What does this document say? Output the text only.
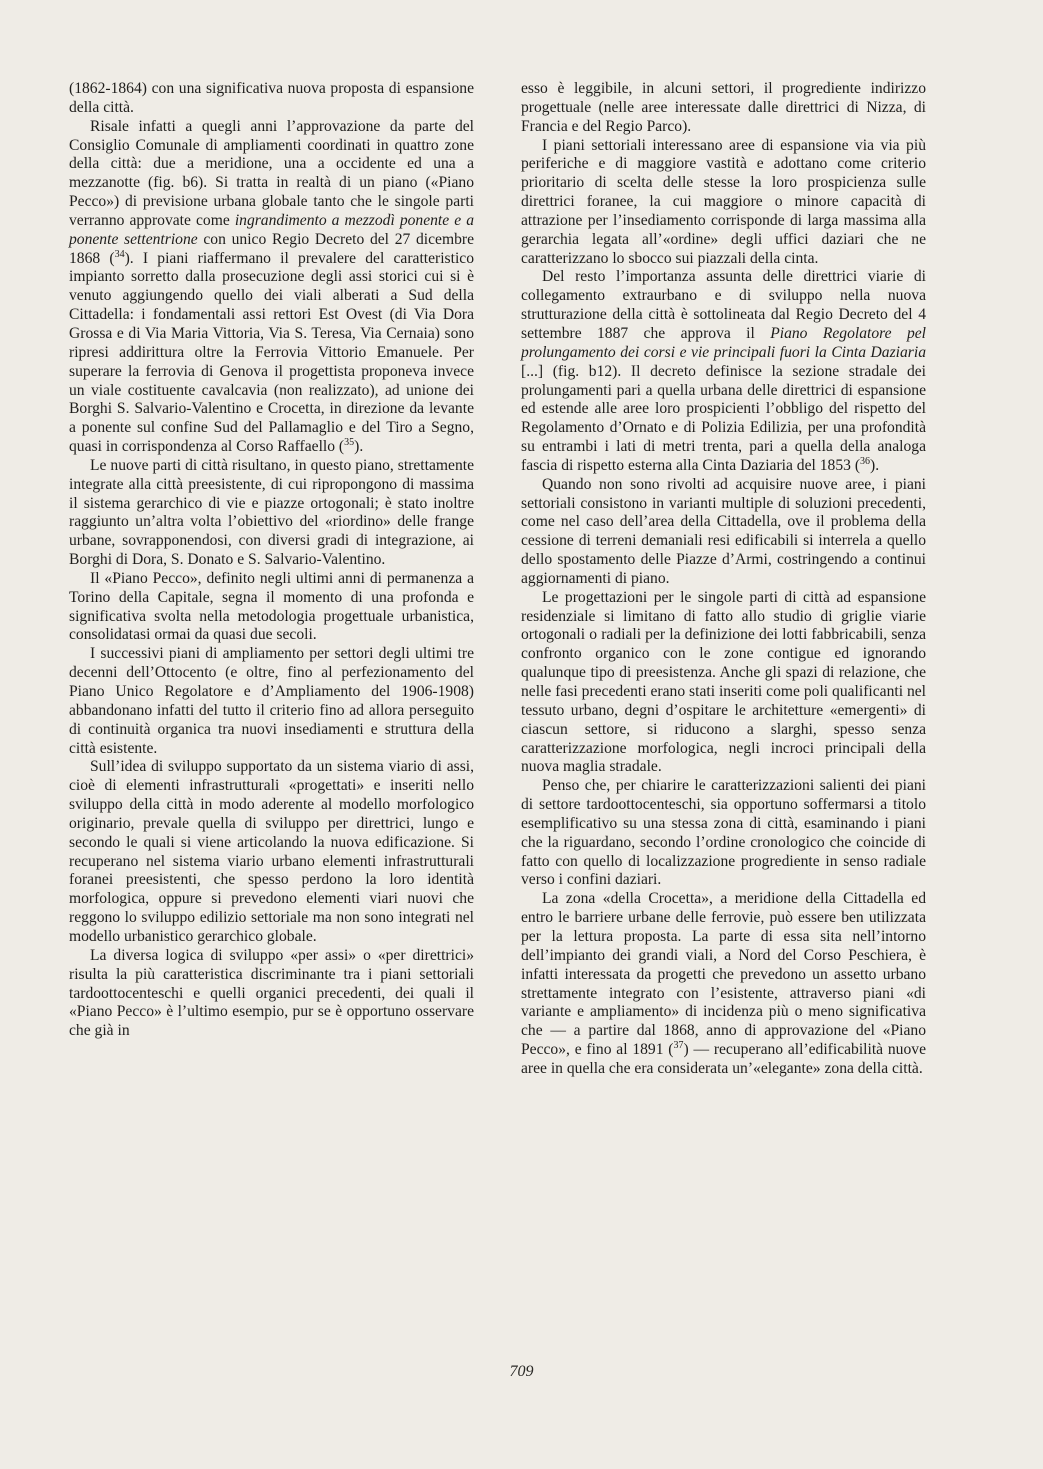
(1862-1864) con una significativa nuova proposta di espansione della città.

Risale infatti a quegli anni l’approvazione da parte del Consiglio Comunale di ampliamenti coordinati in quattro zone della città: due a meridione, una a occidente ed una a mezzanotte (fig. b6). Si tratta in realtà di un piano («Piano Pecco») di previsione urbana globale tanto che le singole parti verranno approvate come ingrandimento a mezzodì ponente e a ponente settentrione con unico Regio Decreto del 27 dicembre 1868 ($^{34}$). I piani riaffermano il prevalere del caratteristico impianto sorretto dalla prosecuzione degli assi storici cui si è venuto aggiungendo quello dei viali alberati a Sud della Cittadella: i fondamentali assi rettori Est Ovest (di Via Dora Grossa e di Via Maria Vittoria, Via S. Teresa, Via Cernaia) sono ripresi addirittura oltre la Ferrovia Vittorio Emanuele. Per superare la ferrovia di Genova il progettista proponeva invece un viale costituente cavalcavia (non realizzato), ad unione dei Borghi S. Salvario-Valentino e Crocetta, in direzione da levante a ponente sul confine Sud del Pallamaglio e del Tiro a Segno, quasi in corrispondenza al Corso Raffaello ($^{35}$).

Le nuove parti di città risultano, in questo piano, strettamente integrate alla città preesistente, di cui ripropongono di massima il sistema gerarchico di vie e piazze ortogonali; è stato inoltre raggiunto un’altra volta l’obiettivo del «riordino» delle frange urbane, sovrapponendosi, con diversi gradi di integrazione, ai Borghi di Dora, S. Donato e S. Salvario-Valentino.

Il «Piano Pecco», definito negli ultimi anni di permanenza a Torino della Capitale, segna il momento di una profonda e significativa svolta nella metodologia progettuale urbanistica, consolidatasi ormai da quasi due secoli.

I successivi piani di ampliamento per settori degli ultimi tre decenni dell’Ottocento (e oltre, fino al perfezionamento del Piano Unico Regolatore e d’Ampliamento del 1906-1908) abbandonano infatti del tutto il criterio fino ad allora perseguito di continuità organica tra nuovi insediamenti e struttura della città esistente.

Sull’idea di sviluppo supportato da un sistema viario di assi, cioè di elementi infrastrutturali «progettati» e inseriti nello sviluppo della città in modo aderente al modello morfologico originario, prevale quella di sviluppo per direttrici, lungo e secondo le quali si viene articolando la nuova edificazione. Si recuperano nel sistema viario urbano elementi infrastrutturali foranei preesistenti, che spesso perdono la loro identità morfologica, oppure si prevedono elementi viari nuovi che reggono lo sviluppo edilizio settoriale ma non sono integrati nel modello urbanistico gerarchico globale.

La diversa logica di sviluppo «per assi» o «per direttrici» risulta la più caratteristica discriminante tra i piani settoriali tardoottocenteschi e quelli organici precedenti, dei quali il «Piano Pecco» è l’ultimo esempio, pur se è opportuno osservare che già in

esso è leggibile, in alcuni settori, il progrediente indirizzo progettuale (nelle aree interessate dalle direttrici di Nizza, di Francia e del Regio Parco).

I piani settoriali interessano aree di espansione via via più periferiche e di maggiore vastità e adottano come criterio prioritario di scelta delle stesse la loro prospicienza sulle direttrici foranee, la cui maggiore o minore capacità di attrazione per l’insediamento corrisponde di larga massima alla gerarchia legata all’«ordine» degli uffici daziari che ne caratterizzano lo sbocco sui piazzali della cinta.

Del resto l’importanza assunta delle direttrici viarie di collegamento extraurbano e di sviluppo nella nuova strutturazione della città è sottolineata dal Regio Decreto del 4 settembre 1887 che approva il Piano Regolatore pel prolungamento dei corsi e vie principali fuori la Cinta Daziaria [...] (fig. b12). Il decreto definisce la sezione stradale dei prolungamenti pari a quella urbana delle direttrici di espansione ed estende alle aree loro prospicienti l’obbligo del rispetto del Regolamento d’Ornato e di Polizia Edilizia, per una profondità su entrambi i lati di metri trenta, pari a quella della analoga fascia di rispetto esterna alla Cinta Daziaria del 1853 ($^{36}$).

Quando non sono rivolti ad acquisire nuove aree, i piani settoriali consistono in varianti multiple di soluzioni precedenti, come nel caso dell’area della Cittadella, ove il problema della cessione di terreni demaniali resi edificabili si interrela a quello dello spostamento delle Piazze d’Armi, costringendo a continui aggiornamenti di piano.

Le progettazioni per le singole parti di città ad espansione residenziale si limitano di fatto allo studio di griglie viarie ortogonali o radiali per la definizione dei lotti fabbricabili, senza confronto organico con le zone contigue ed ignorando qualunque tipo di preesistenza. Anche gli spazi di relazione, che nelle fasi precedenti erano stati inseriti come poli qualificanti nel tessuto urbano, degni d’ospitare le architetture «emergenti» di ciascun settore, si riducono a slarghi, spesso senza caratterizzazione morfologica, negli incroci principali della nuova maglia stradale.

Penso che, per chiarire le caratterizzazioni salienti dei piani di settore tardoottocenteschi, sia opportuno soffermarsi a titolo esemplificativo su una stessa zona di città, esaminando i piani che la riguardano, secondo l’ordine cronologico che coincide di fatto con quello di localizzazione progrediente in senso radiale verso i confini daziari.

La zona «della Crocetta», a meridione della Cittadella ed entro le barriere urbane delle ferrovie, può essere ben utilizzata per la lettura proposta. La parte di essa sita nell’intorno dell’impianto dei grandi viali, a Nord del Corso Peschiera, è infatti interessata da progetti che prevedono un assetto urbano strettamente integrato con l’esistente, attraverso piani «di variante e ampliamento» di incidenza più o meno significativa che — a partire dal 1868, anno di approvazione del «Piano Pecco», e fino al 1891 ($^{37}$) — recuperano all’edificabilità nuove aree in quella che era considerata un’«elegante» zona della città.

709
